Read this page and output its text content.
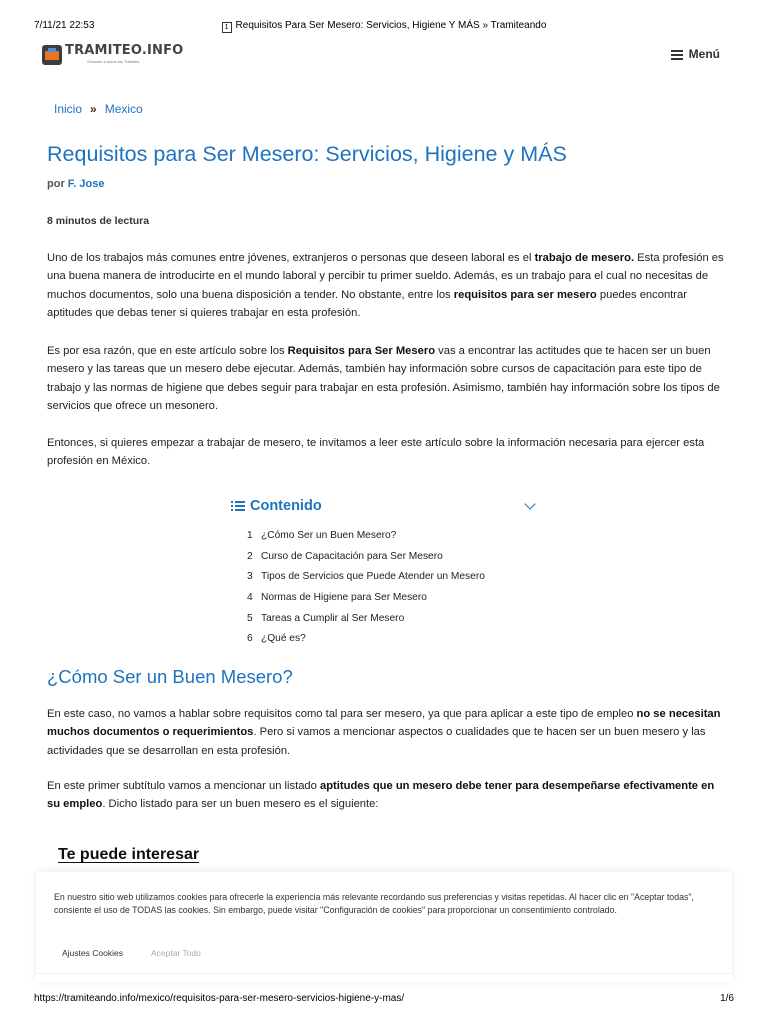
7/11/21 22:53	1 Requisitos Para Ser Mesero: Servicios, Higiene Y MÁS » Tramiteando
TRAMITEO.INFO
Solución a todos los Trámites
Menú
Inicio » Mexico
Requisitos para Ser Mesero: Servicios, Higiene y MÁS
por F. Jose
8 minutos de lectura

Uno de los trabajos más comunes entre jóvenes, extranjeros o personas que deseen laboral es el trabajo de mesero. Esta profesión es una buena manera de introducirte en el mundo laboral y percibir tu primer sueldo. Además, es un trabajo para el cual no necesitas de muchos documentos, solo una buena disposición a tender. No obstante, entre los requisitos para ser mesero puedes encontrar aptitudes que debas tener si quieres trabajar en esta profesión.

Es por esa razón, que en este artículo sobre los Requisitos para Ser Mesero vas a encontrar las actitudes que te hacen ser un buen mesero y las tareas que un mesero debe ejecutar. Además, también hay información sobre cursos de capacitación para este tipo de trabajo y las normas de higiene que debes seguir para trabajar en esta profesión. Asimismo, también hay información sobre los tipos de servicios que ofrece un mesonero.

Entonces, si quieres empezar a trabajar de mesero, te invitamos a leer este artículo sobre la información necesaria para ejercer esta profesión en México.

Contenido
1 ¿Cómo Ser un Buen Mesero?
2 Curso de Capacitación para Ser Mesero
3 Tipos de Servicios que Puede Atender un Mesero
4 Normas de Higiene para Ser Mesero
5 Tareas a Cumplir al Ser Mesero
6 ¿Qué es?
¿Cómo Ser un Buen Mesero?

En este caso, no vamos a hablar sobre requisitos como tal para ser mesero, ya que para aplicar a este tipo de empleo no se necesitan muchos documentos o requerimientos. Pero si vamos a mencionar aspectos o cualidades que te hacen ser un buen mesero y las actividades que se desarrollan en esta profesión.

En este primer subtítulo vamos a mencionar un listado aptitudes que un mesero debe tener para desempeñarse efectivamente en su empleo. Dicho listado para ser un buen mesero es el siguiente:

Te puede interesar

En nuestro sitio web utilizamos cookies para ofrecerle la experiencia más relevante recordando sus preferencias y visitas repetidas. Al hacer clic en "Aceptar todas", consiente el uso de TODAS las cookies. Sin embargo, puede visitar "Configuración de cookies" para proporcionar un consentimiento controlado.

Ajustes Cookies	Aceptar Todo
https://tramiteando.info/mexico/requisitos-para-ser-mesero-servicios-higiene-y-mas/	1/6
